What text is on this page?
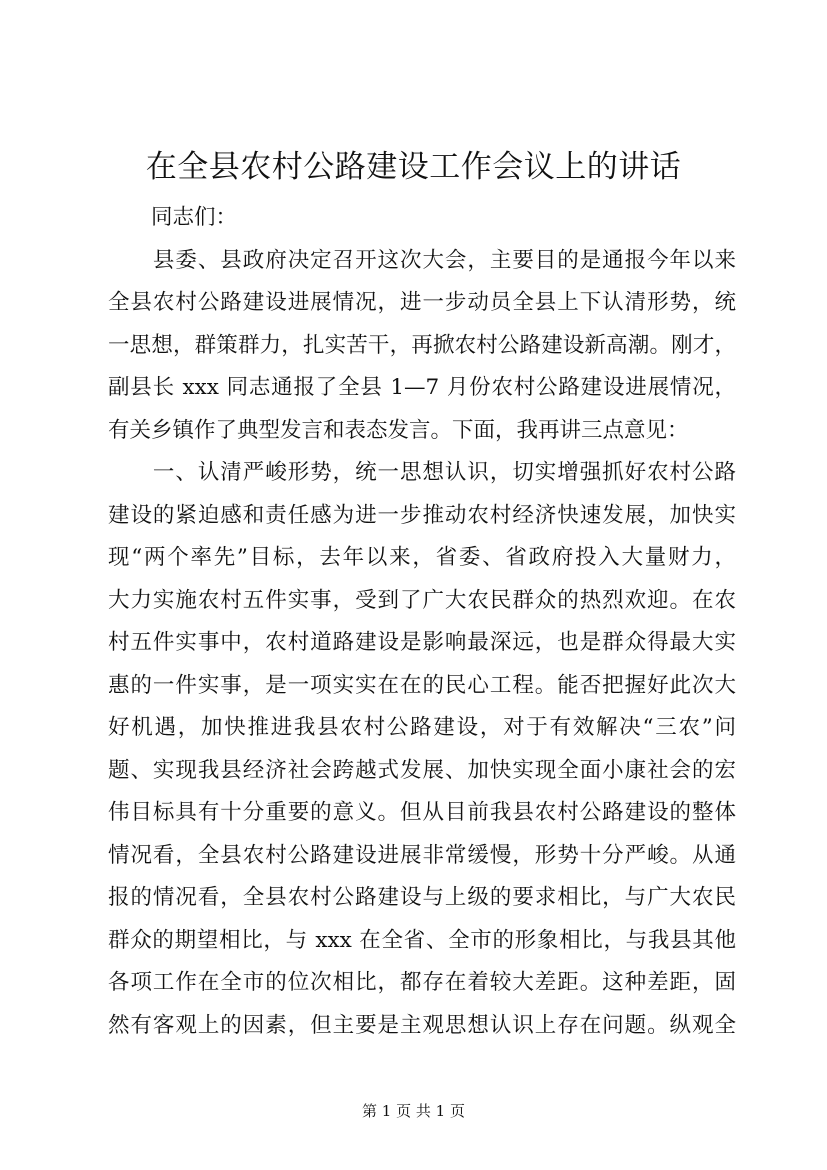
在全县农村公路建设工作会议上的讲话
　　同志们：
　　县委、县政府决定召开这次大会，主要目的是通报今年以来
全县农村公路建设进展情况，进一步动员全县上下认清形势，统
一思想，群策群力，扎实苦干，再掀农村公路建设新高潮。刚才，
副县长 xxx 同志通报了全县 1—7 月份农村公路建设进展情况，
有关乡镇作了典型发言和表态发言。下面，我再讲三点意见：
　　一、认清严峻形势，统一思想认识，切实增强抓好农村公路
建设的紧迫感和责任感为进一步推动农村经济快速发展，加快实
现“两个率先”目标，去年以来，省委、省政府投入大量财力，
大力实施农村五件实事，受到了广大农民群众的热烈欢迎。在农
村五件实事中，农村道路建设是影响最深远，也是群众得最大实
惠的一件实事，是一项实实在在的民心工程。能否把握好此次大
好机遇，加快推进我县农村公路建设，对于有效解决“三农”问
题、实现我县经济社会跨越式发展、加快实现全面小康社会的宏
伟目标具有十分重要的意义。但从目前我县农村公路建设的整体
情况看，全县农村公路建设进展非常缓慢，形势十分严峻。从通
报的情况看，全县农村公路建设与上级的要求相比，与广大农民
群众的期望相比，与 xxx 在全省、全市的形象相比，与我县其他
各项工作在全市的位次相比，都存在着较大差距。这种差距，固
然有客观上的因素，但主要是主观思想认识上存在问题。纵观全
第 1 页 共 1 页
